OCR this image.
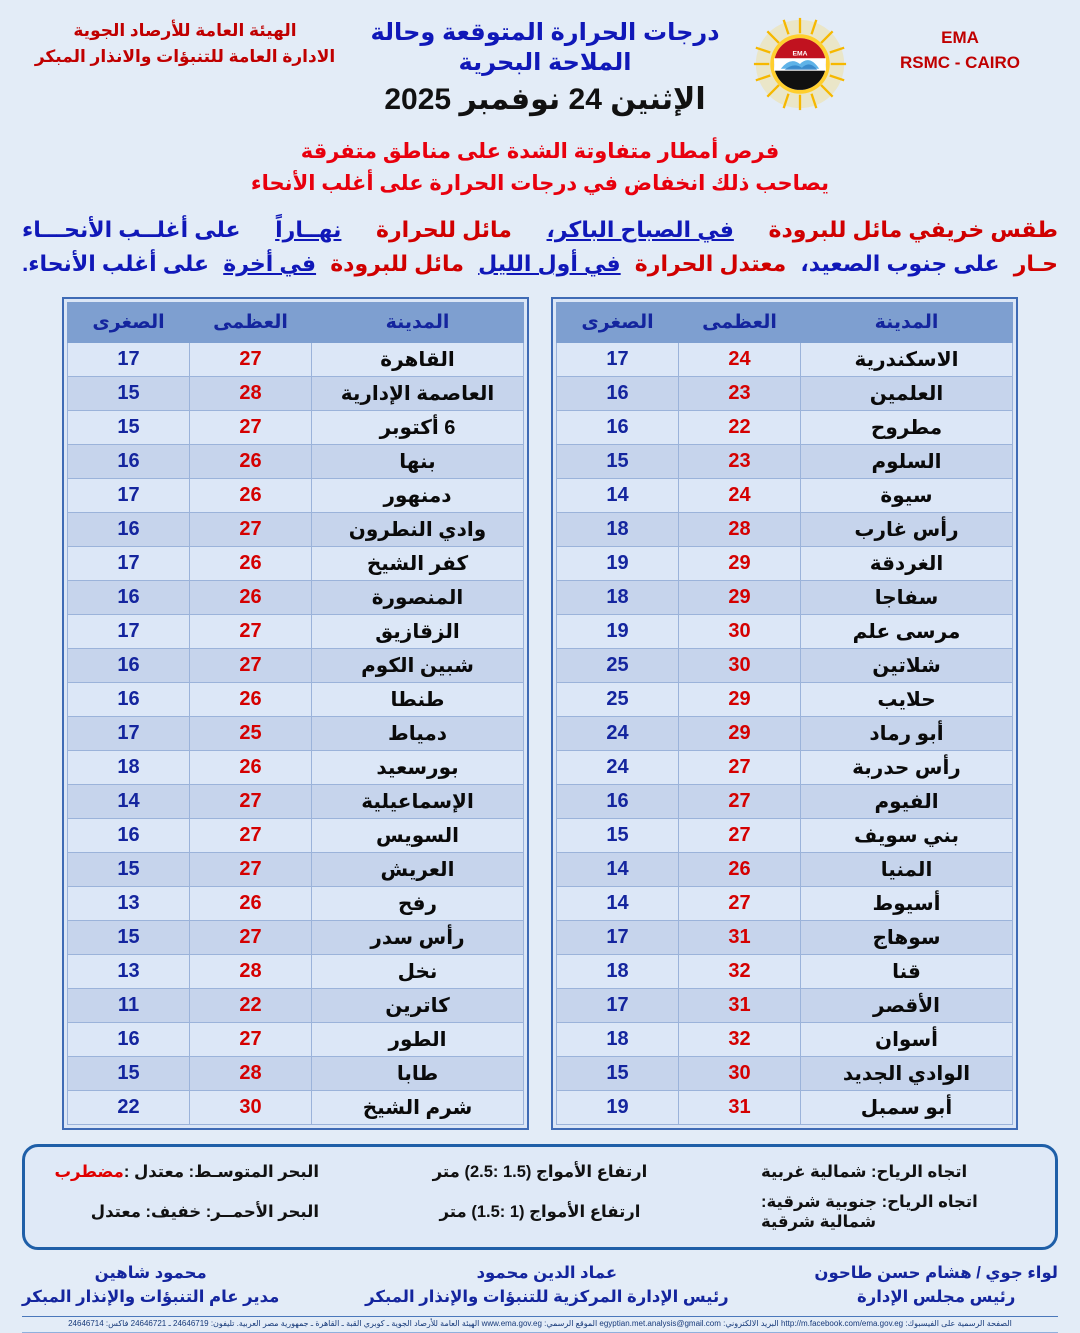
الهيئة العامة للأرصاد الجوية
الادارة العامة للتنبؤات والانذار المبكر
درجات الحرارة المتوقعة وحالة الملاحة البحرية
الإثنين 24 نوفمبر 2025
EMA
EMA
RSMC - CAIRO
فرص أمطار متفاوتة الشدة على مناطق متفرقة
يصاحب ذلك انخفاض في درجات الحرارة على أغلب الأنحاء
طقس خريفي مائل للبرودة
في الصباح الباكر،
مائل للحرارة
نهــاراً
على أغلــب الأنحـــاء
حـار
على جنوب الصعيد،
معتدل الحرارة
في أول الليل
مائل للبرودة
في أخرة
على أغلب الأنحاء.
المدينة	العظمى	الصغرى
القاهرة	27	17
العاصمة الإدارية	28	15
6 أكتوبر	27	15
بنها	26	16
دمنهور	26	17
وادي النطرون	27	16
كفر الشيخ	26	17
المنصورة	26	16
الزقازيق	27	17
شبين الكوم	27	16
طنطا	26	16
دمياط	25	17
بورسعيد	26	18
الإسماعيلية	27	14
السويس	27	16
العريش	27	15
رفح	26	13
رأس سدر	27	15
نخل	28	13
كاترين	22	11
الطور	27	16
طابا	28	15
شرم الشيخ	30	22
المدينة	العظمى	الصغرى
الاسكندرية	24	17
العلمين	23	16
مطروح	22	16
السلوم	23	15
سيوة	24	14
رأس غارب	28	18
الغردقة	29	19
سفاجا	29	18
مرسى علم	30	19
شلاتين	30	25
حلايب	29	25
أبو رماد	29	24
رأس حدربة	27	24
الفيوم	27	16
بني سويف	27	15
المنيا	26	14
أسيوط	27	14
سوهاج	31	17
قنا	32	18
الأقصر	31	17
أسوان	32	18
الوادي الجديد	30	15
أبو سمبل	31	19
البحر المتوسـط: معتدل :مضطرب	ارتفاع الأمواج (1.5 :2.5) متر	اتجاه الرياح: شمالية غربية
البحر الأحمــر: خفيف: معتدل	ارتفاع الأمواج (1 :1.5) متر
اتجاه الرياح: جنوبية شرقية: شمالية شرقية
محمود شاهين
مدير عام التنبؤات والإنذار المبكر
عماد الدين محمود
رئيس الإدارة المركزية للتنبؤات والإنذار المبكر
لواء جوي / هشام حسن طاحون
رئيس مجلس الإدارة
الصفحة الرسمية على الفيسبوك: http://m.facebook.com/ema.gov.eg البريد الالكتروني: egyptian.met.analysis@gmail.com الموقع الرسمي: www.ema.gov.eg الهيئة العامة للأرصاد الجوية ـ كوبري القبة ـ القاهرة ـ جمهورية مصر العربية. تليفون: 24646719 ـ 24646721 فاكس: 24646714
